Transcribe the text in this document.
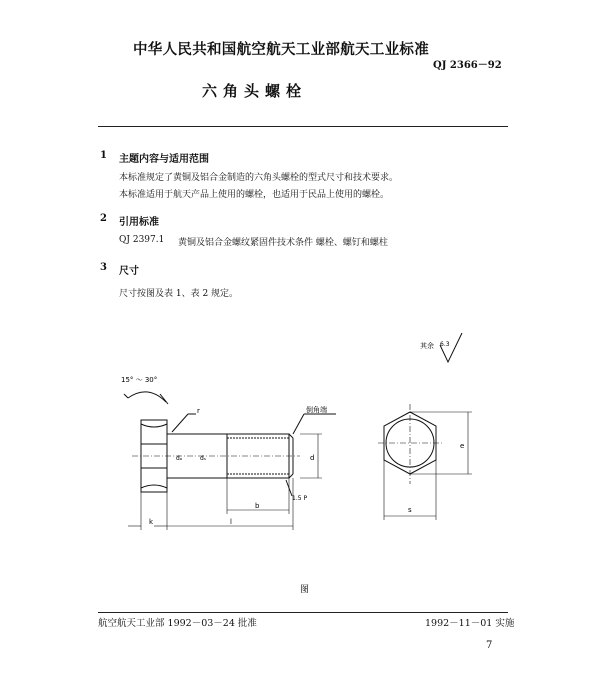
中华人民共和国航空航天工业部航天工业标准
QJ 2366－92
六角头螺栓
1 主题内容与适用范围
本标准规定了黄铜及铝合金制造的六角头螺栓的型式尺寸和技术要求。
本标准适用于航天产品上使用的螺栓，也适用于民品上使用的螺栓。
2 引用标准
QJ 2397.1 黄铜及铝合金螺纹紧固件技术条件 螺栓、螺钉和螺柱
3 尺寸
尺寸按图及表 1、表 2 规定。
其余 6.3
15° ～ 30°
r	倒角端
dₐ	dₛ	d
1.5 P
b
k	l
e
s
图
航空航天工业部 1992－03－24 批准	1992－11－01 实施
7
